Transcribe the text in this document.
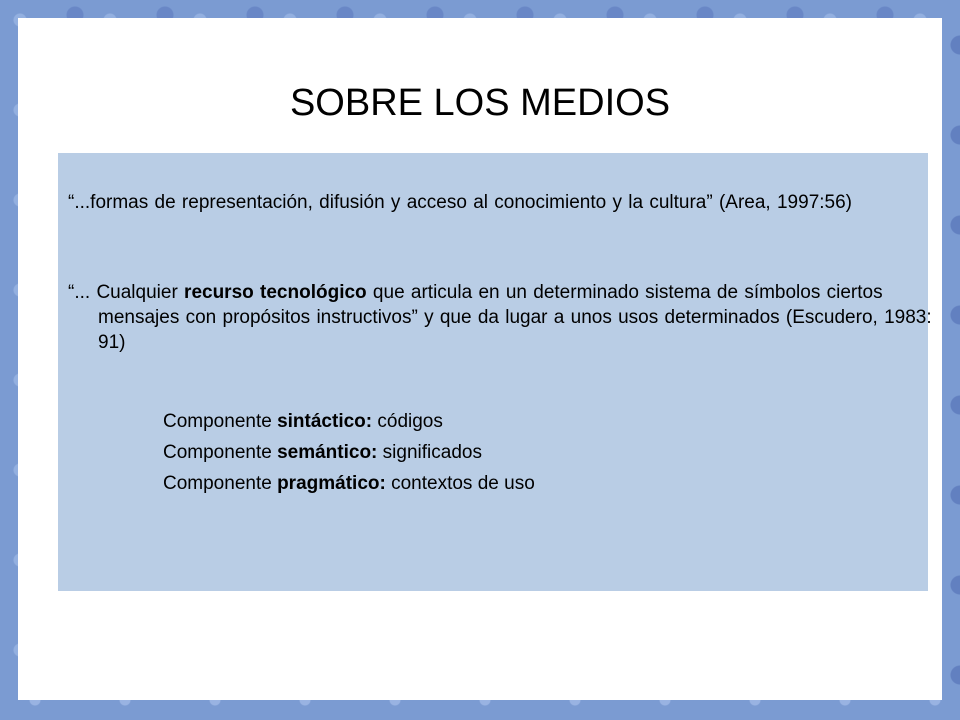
SOBRE LOS MEDIOS

“...formas de representación, difusión y acceso al conocimiento y la cultura” (Area, 1997:56)

“... Cualquier recurso tecnológico que articula en un determinado sistema de símbolos ciertos mensajes con propósitos instructivos” y que da lugar a unos usos determinados (Escudero, 1983: 91)

Componente sintáctico: códigos

Componente semántico: significados

Componente pragmático: contextos de uso
